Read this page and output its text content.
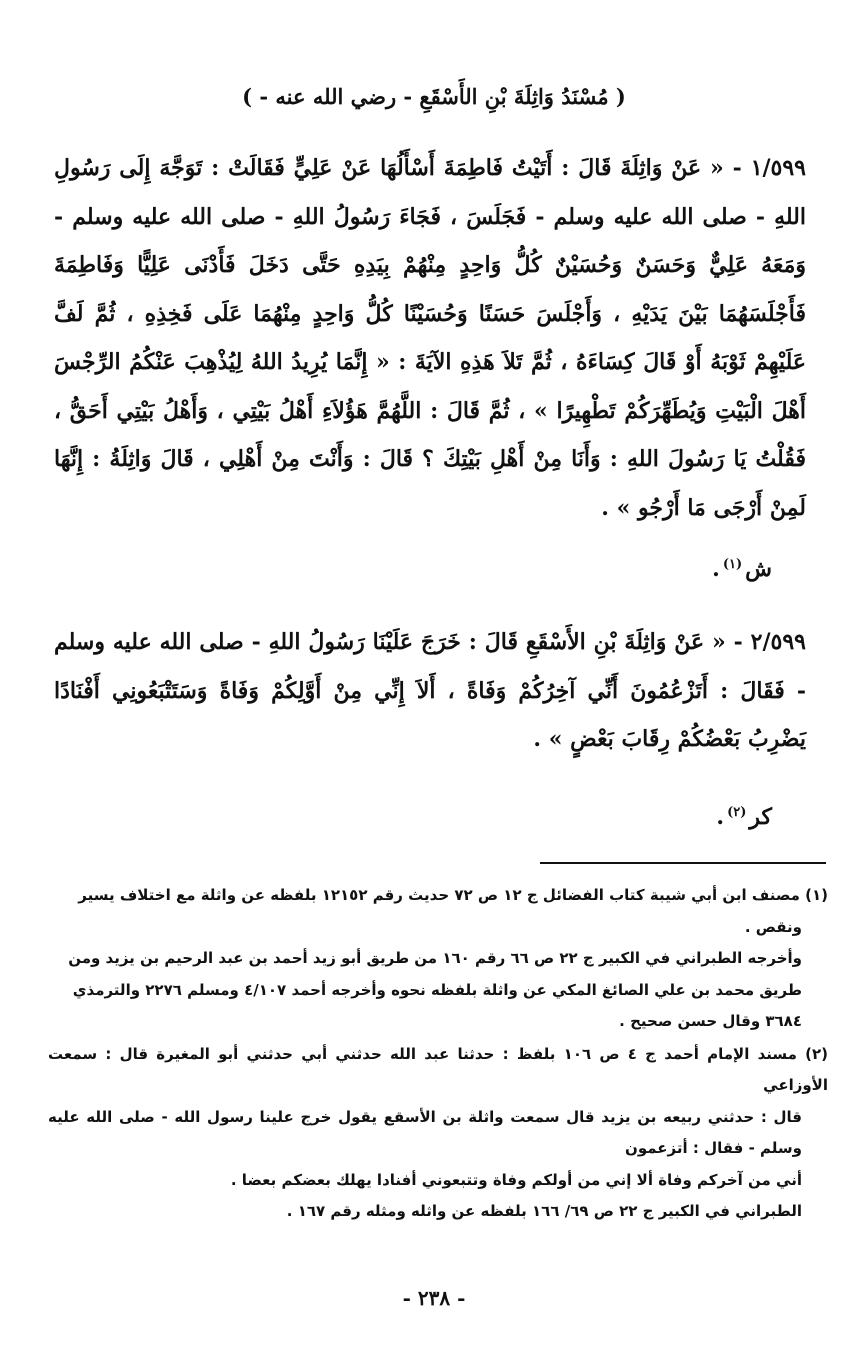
( مُسْنَدُ وَاثِلَةَ بْنِ الأَسْقَعِ - رضي الله عنه - )

١/٥٩٩ - « عَنْ وَاثِلَةَ قَالَ : أَتَيْتُ فَاطِمَةَ أَسْأَلُهَا عَنْ عَلِيٍّ فَقَالَتْ : تَوَجَّهَ إِلَى رَسُولِ اللهِ - صلى الله عليه وسلم - فَجَلَسَ ، فَجَاءَ رَسُولُ اللهِ - صلى الله عليه وسلم - وَمَعَهُ عَلِيٌّ وَحَسَنٌ وَحُسَيْنٌ كُلُّ وَاحِدٍ مِنْهُمْ بِيَدِهِ حَتَّى دَخَلَ فَأَدْنَى عَلِيًّا وَفَاطِمَةَ فَأَجْلَسَهُمَا بَيْنَ يَدَيْهِ ، وَأَجْلَسَ حَسَنًا وَحُسَيْنًا كُلُّ وَاحِدٍ مِنْهُمَا عَلَى فَخِذِهِ ، ثُمَّ لَفَّ عَلَيْهِمْ ثَوْبَهُ أَوْ قَالَ كِسَاءَهُ ، ثُمَّ تَلاَ هَذِهِ الآيَةَ : « إِنَّمَا يُرِيدُ اللهُ لِيُذْهِبَ عَنْكُمُ الرِّجْسَ أَهْلَ الْبَيْتِ وَيُطَهِّرَكُمْ تَطْهِيرًا » ، ثُمَّ قَالَ : اللَّهُمَّ هَؤُلاَءِ أَهْلُ بَيْتِي ، وَأَهْلُ بَيْتِي أَحَقُّ ، فَقُلْتُ يَا رَسُولَ اللهِ : وَأَنَا مِنْ أَهْلِ بَيْتِكَ ؟ قَالَ : وَأَنْتَ مِنْ أَهْلِي ، قَالَ وَاثِلَةُ : إِنَّهَا لَمِنْ أَرْجَى مَا أَرْجُو » .

ش$^{(١)}$.

٢/٥٩٩ - « عَنْ وَاثِلَةَ بْنِ الأَسْقَعِ قَالَ : خَرَجَ عَلَيْنَا رَسُولُ اللهِ - صلى الله عليه وسلم - فَقَالَ : أَتَزْعُمُونَ أَنِّي آخِرُكُمْ وَفَاةً ، أَلاَ إِنِّي مِنْ أَوَّلِكُمْ وَفَاةً وَسَتَتْبَعُونِي أَفْنَادًا يَضْرِبُ بَعْضُكُمْ رِقَابَ بَعْضٍ » .

كر$^{(٢)}$.

(١) مصنف ابن أبي شيبة كتاب الفضائل ج ١٢ ص ٧٢ حديث رقم ١٢١٥٢ بلفظه عن واثلة مع اختلاف يسير

ونقص .

وأخرجه الطبراني في الكبير ج ٢٢ ص ٦٦ رقم ١٦٠ من طريق أبو زيد أحمد بن عبد الرحيم بن يزيد ومن

طريق محمد بن علي الصائغ المكي عن واثلة بلفظه نحوه وأخرجه أحمد ٤/١٠٧ ومسلم ٢٢٧٦ والترمذي

٣٦٨٤ وقال حسن صحيح .

(٢) مسند الإمام أحمد ج ٤ ص ١٠٦ بلفظ : حدثنا عبد الله حدثني أبي حدثني أبو المغيرة قال : سمعت الأوزاعي

قال : حدثني ربيعه بن يزيد قال سمعت واثلة بن الأسقع يقول خرج علينا رسول الله - صلى الله عليه وسلم - فقال : أتزعمون

أني من آخركم وفاة ألا إني من أولكم وفاة وتتبعوني أفنادا يهلك بعضكم بعضا .

الطبراني في الكبير ج ٢٢ ص ٦٩/ ١٦٦ بلفظه عن واثله ومثله رقم ١٦٧ .

- ٢٣٨ -
